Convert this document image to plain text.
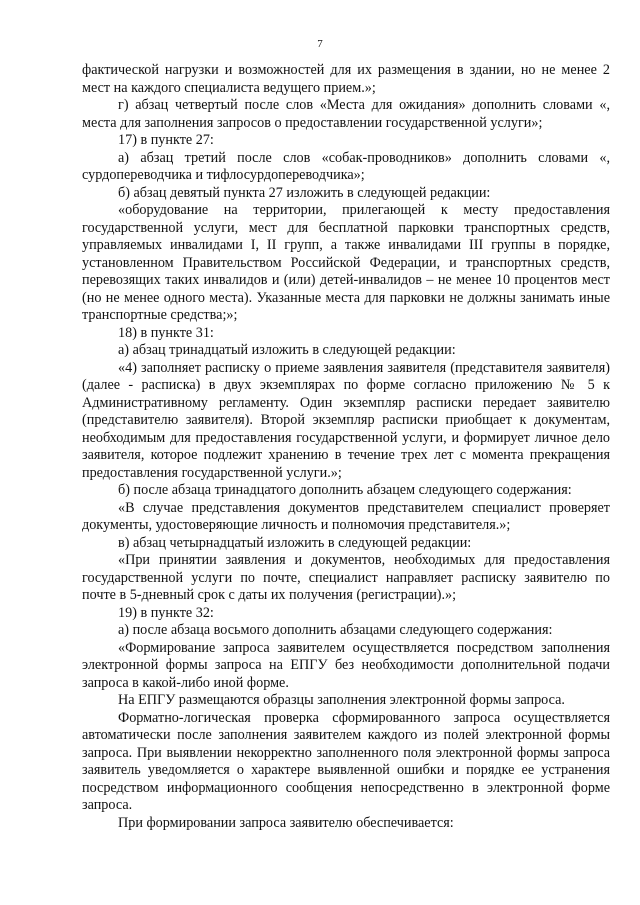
7

фактической нагрузки и возможностей для их размещения в здании, но не менее 2 мест на каждого специалиста ведущего прием.»;

г) абзац четвертый после слов «Места для ожидания» дополнить словами «, места для заполнения запросов о предоставлении государственной услуги»;

17) в пункте 27:

а) абзац третий после слов «собак-проводников» дополнить словами «, сурдопереводчика и тифлосурдопереводчика»;

б) абзац девятый пункта 27 изложить в следующей редакции:

«оборудование на территории, прилегающей к месту предоставления государственной услуги, мест для бесплатной парковки транспортных средств, управляемых инвалидами I, II групп, а также инвалидами III группы в порядке, установленном Правительством Российской Федерации, и транспортных средств, перевозящих таких инвалидов и (или) детей-инвалидов – не менее 10 процентов мест (но не менее одного места). Указанные места для парковки не должны занимать иные транспортные средства;»;

18) в пункте 31:

а) абзац тринадцатый изложить в следующей редакции:

«4) заполняет расписку о приеме заявления заявителя (представителя заявителя) (далее - расписка) в двух экземплярах по форме согласно приложению № 5 к Административному регламенту. Один экземпляр расписки передает заявителю (представителю заявителя). Второй экземпляр расписки приобщает к документам, необходимым для предоставления государственной услуги, и формирует личное дело заявителя, которое подлежит хранению в течение трех лет с момента прекращения предоставления государственной услуги.»;

б) после абзаца тринадцатого дополнить абзацем следующего содержания:

«В случае представления документов представителем специалист проверяет документы, удостоверяющие личность и полномочия представителя.»;

в) абзац четырнадцатый изложить в следующей редакции:

«При принятии заявления и документов, необходимых для предоставления государственной услуги по почте, специалист направляет расписку заявителю по почте в 5-дневный срок с даты их получения (регистрации).»;

19) в пункте 32:

а) после абзаца восьмого дополнить абзацами следующего содержания:

«Формирование запроса заявителем осуществляется посредством заполнения электронной формы запроса на ЕПГУ без необходимости дополнительной подачи запроса в какой-либо иной форме.

На ЕПГУ размещаются образцы заполнения электронной формы запроса.

Форматно-логическая проверка сформированного запроса осуществляется автоматически после заполнения заявителем каждого из полей электронной формы запроса. При выявлении некорректно заполненного поля электронной формы запроса заявитель уведомляется о характере выявленной ошибки и порядке ее устранения посредством информационного сообщения непосредственно в электронной форме запроса.

При формировании запроса заявителю обеспечивается:
